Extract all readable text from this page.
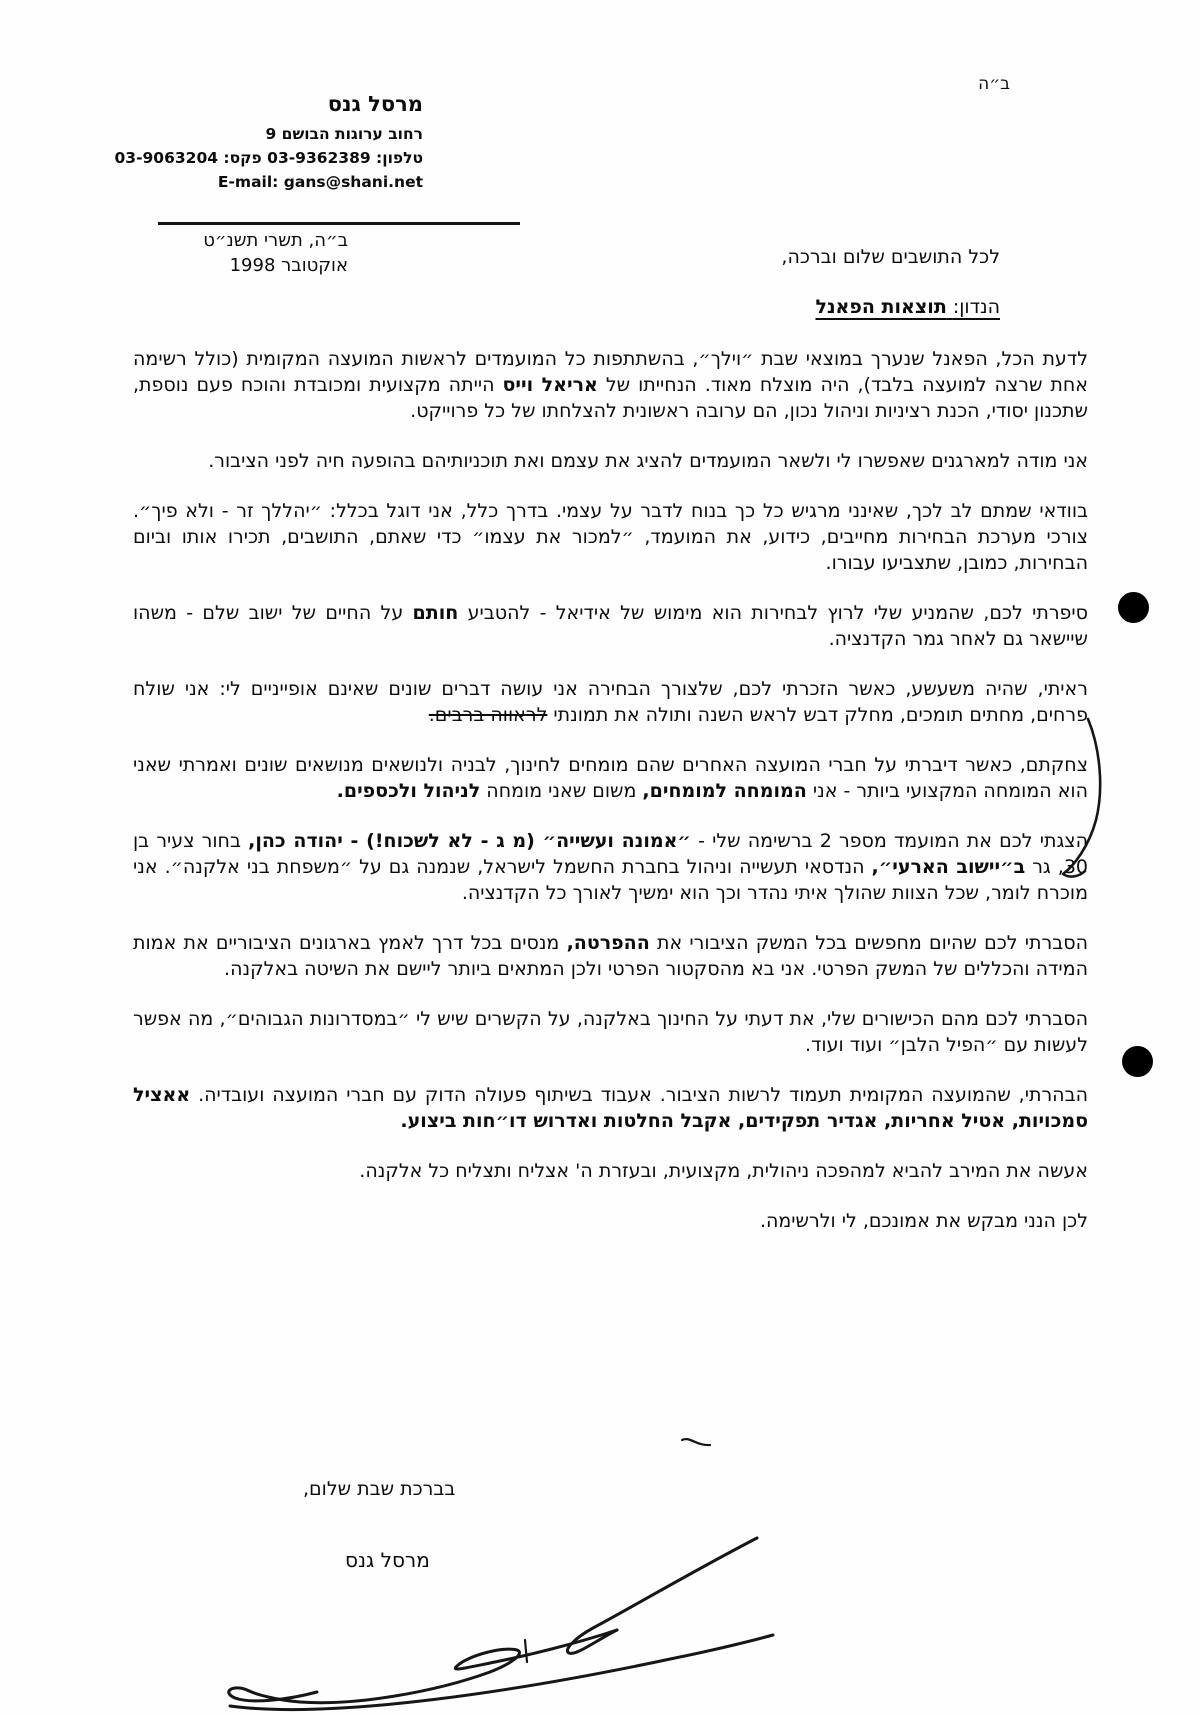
ב״ה
מרסל גנס
רחוב ערוגות הבושם 9
טלפון: 03-9362389 פקס: 03-9063204
E-mail: gans@shani.net
ב״ה, תשרי תשנ״ט
אוקטובר 1998	לכל התושבים שלום וברכה,
הנדון: תוצאות הפאנל

לדעת הכל, הפאנל שנערך במוצאי שבת ״וילך״, בהשתתפות כל המועמדים לראשות המועצה המקומית (כולל רשימה אחת שרצה למועצה בלבד), היה מוצלח מאוד. הנחייתו של אריאל וייס הייתה מקצועית ומכובדת והוכח פעם נוספת, שתכנון יסודי, הכנת רציניות וניהול נכון, הם ערובה ראשונית להצלחתו של כל פרוייקט.

אני מודה למארגנים שאפשרו לי ולשאר המועמדים להציג את עצמם ואת תוכניותיהם בהופעה חיה לפני הציבור.

בוודאי שמתם לב לכך, שאינני מרגיש כל כך בנוח לדבר על עצמי. בדרך כלל, אני דוגל בכלל: ״יהללך זר - ולא פיך״. צורכי מערכת הבחירות מחייבים, כידוע, את המועמד, ״למכור את עצמו״ כדי שאתם, התושבים, תכירו אותו וביום הבחירות, כמובן, שתצביעו עבורו.

סיפרתי לכם, שהמניע שלי לרוץ לבחירות הוא מימוש של אידיאל - להטביע חותם על החיים של ישוב שלם - משהו שיישאר גם לאחר גמר הקדנציה.

ראיתי, שהיה משעשע, כאשר הזכרתי לכם, שלצורך הבחירה אני עושה דברים שונים שאינם אופייניים לי: אני שולח פרחים, מחתים תומכים, מחלק דבש לראש השנה ותולה את תמונתי לראווה ברבים.

צחקתם, כאשר דיברתי על חברי המועצה האחרים שהם מומחים לחינוך, לבניה ולנושאים מנושאים שונים ואמרתי שאני הוא המומחה המקצועי ביותר - אני המומחה למומחים, משום שאני מומחה לניהול ולכספים.

הצגתי לכם את המועמד מספר 2 ברשימה שלי - ״אמונה ועשייה״ (מ ג - לא לשכוח!) - יהודה כהן, בחור צעיר בן 30, גר ב״יישוב הארעי״, הנדסאי תעשייה וניהול בחברת החשמל לישראל, שנמנה גם על ״משפחת בני אלקנה״. אני מוכרח לומר, שכל הצוות שהולך איתי נהדר וכך הוא ימשיך לאורך כל הקדנציה.

הסברתי לכם שהיום מחפשים בכל המשק הציבורי את ההפרטה, מנסים בכל דרך לאמץ בארגונים הציבוריים את אמות המידה והכללים של המשק הפרטי. אני בא מהסקטור הפרטי ולכן המתאים ביותר ליישם את השיטה באלקנה.

הסברתי לכם מהם הכישורים שלי, את דעתי על החינוך באלקנה, על הקשרים שיש לי ״במסדרונות הגבוהים״, מה אפשר לעשות עם ״הפיל הלבן״ ועוד ועוד.

הבהרתי, שהמועצה המקומית תעמוד לרשות הציבור. אעבוד בשיתוף פעולה הדוק עם חברי המועצה ועובדיה. אאציל סמכויות, אטיל אחריות, אגדיר תפקידים, אקבל החלטות ואדרוש דו״חות ביצוע.

אעשה את המירב להביא למהפכה ניהולית, מקצועית, ובעזרת ה' אצליח ותצליח כל אלקנה.

לכן הנני מבקש את אמונכם, לי ולרשימה.

בברכת שבת שלום,
מרסל גנס
